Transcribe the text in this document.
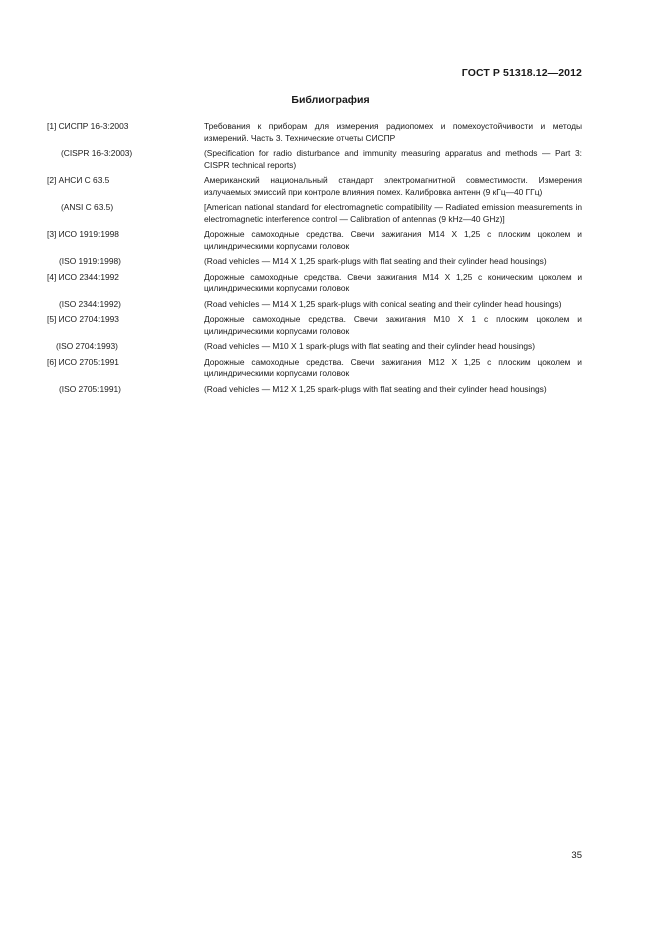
ГОСТ Р 51318.12—2012
Библиография
[1] СИСПР 16-3:2003	Требования к приборам для измерения радиопомех и помехоустойчивости и методы измерений. Часть 3. Технические отчеты СИСПР
(CISPR 16-3:2003)	(Specification for radio disturbance and immunity measuring apparatus and methods — Part 3: CISPR technical reports)
[2] АНСИ С 63.5	Американский национальный стандарт электромагнитной совместимости. Измерения излучаемых эмиссий при контроле влияния помех. Калибровка антенн (9 кГц—40 ГГц)
(ANSI C 63.5)	[American national standard for electromagnetic compatibility — Radiated emission measurements in electromagnetic interference control — Calibration of antennas (9 kHz—40 GHz)]
[3] ИСО 1919:1998	Дорожные самоходные средства. Свечи зажигания M14 X 1,25 с плоским цоколем и цилиндрическими корпусами головок
(ISO 1919:1998)	(Road vehicles — M14 X 1,25 spark-plugs with flat seating and their cylinder head housings)
[4] ИСО 2344:1992	Дорожные самоходные средства. Свечи зажигания M14 X 1,25 с коническим цоколем и цилиндрическими корпусами головок
(ISO 2344:1992)	(Road vehicles — M14 X 1,25 spark-plugs with conical seating and their cylinder head housings)
[5] ИСО 2704:1993	Дорожные самоходные средства. Свечи зажигания M10 X 1 с плоским цоколем и цилиндрическими корпусами головок
(ISO 2704:1993)	(Road vehicles — M10 X 1 spark-plugs with flat seating and their cylinder head housings)
[6] ИСО 2705:1991	Дорожные самоходные средства. Свечи зажигания M12 X 1,25 с плоским цоколем и цилиндрическими корпусами головок
(ISO 2705:1991)	(Road vehicles — M12 X 1,25 spark-plugs with flat seating and their cylinder head housings)
35
